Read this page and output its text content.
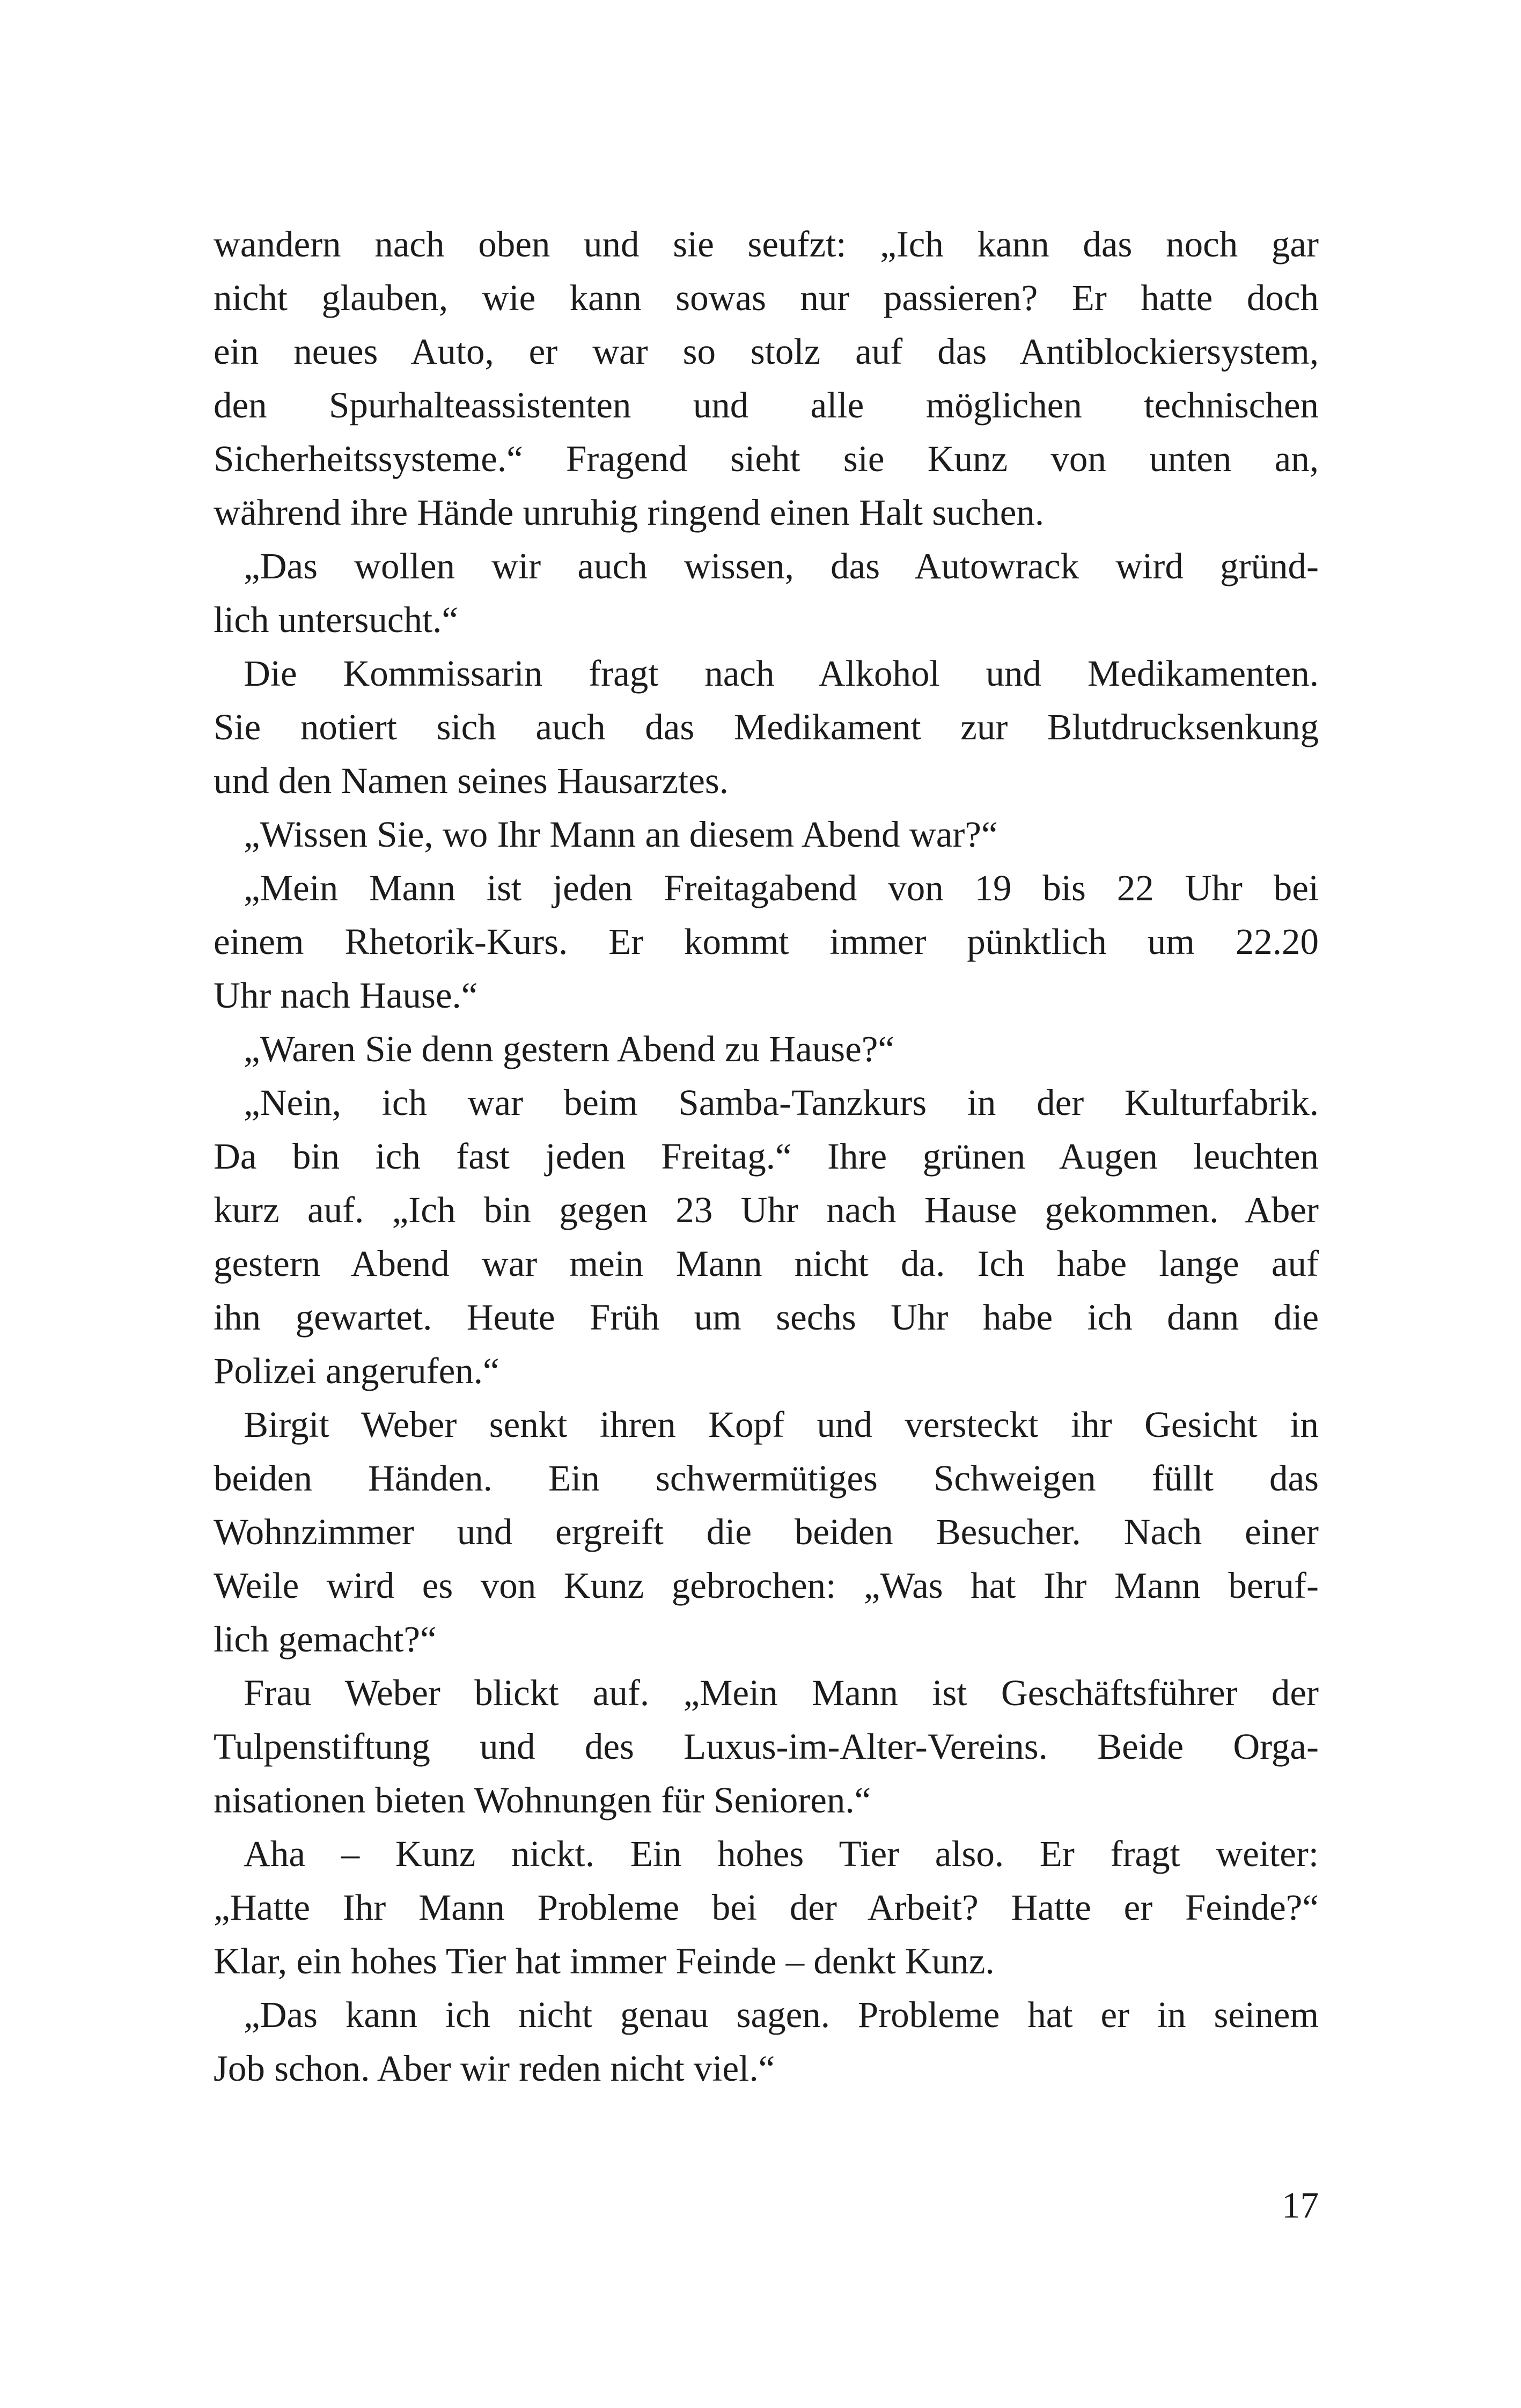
wandern nach oben und sie seufzt: „Ich kann das noch gar
nicht glauben, wie kann sowas nur passieren? Er hatte doch
ein neues Auto, er war so stolz auf das Antiblockiersystem,
den Spurhalteassistenten und alle möglichen technischen
Sicherheitssysteme.“ Fragend sieht sie Kunz von unten an,
während ihre Hände unruhig ringend einen Halt suchen.
„Das wollen wir auch wissen, das Autowrack wird gründ-
lich untersucht.“
Die Kommissarin fragt nach Alkohol und Medikamenten.
Sie notiert sich auch das Medikament zur Blutdrucksenkung
und den Namen seines Hausarztes.
„Wissen Sie, wo Ihr Mann an diesem Abend war?“
„Mein Mann ist jeden Freitagabend von 19 bis 22 Uhr bei
einem Rhetorik-Kurs. Er kommt immer pünktlich um 22.20
Uhr nach Hause.“
„Waren Sie denn gestern Abend zu Hause?“
„Nein, ich war beim Samba-Tanzkurs in der Kulturfabrik.
Da bin ich fast jeden Freitag.“ Ihre grünen Augen leuchten
kurz auf. „Ich bin gegen 23 Uhr nach Hause gekommen. Aber
gestern Abend war mein Mann nicht da. Ich habe lange auf
ihn gewartet. Heute Früh um sechs Uhr habe ich dann die
Polizei angerufen.“
Birgit Weber senkt ihren Kopf und versteckt ihr Gesicht in
beiden Händen. Ein schwermütiges Schweigen füllt das
Wohnzimmer und ergreift die beiden Besucher. Nach einer
Weile wird es von Kunz gebrochen: „Was hat Ihr Mann beruf-
lich gemacht?“
Frau Weber blickt auf. „Mein Mann ist Geschäftsführer der
Tulpenstiftung und des Luxus-im-Alter-Vereins. Beide Orga-
nisationen bieten Wohnungen für Senioren.“
Aha – Kunz nickt. Ein hohes Tier also. Er fragt weiter:
„Hatte Ihr Mann Probleme bei der Arbeit? Hatte er Feinde?“
Klar, ein hohes Tier hat immer Feinde – denkt Kunz.
„Das kann ich nicht genau sagen. Probleme hat er in seinem
Job schon. Aber wir reden nicht viel.“
17
